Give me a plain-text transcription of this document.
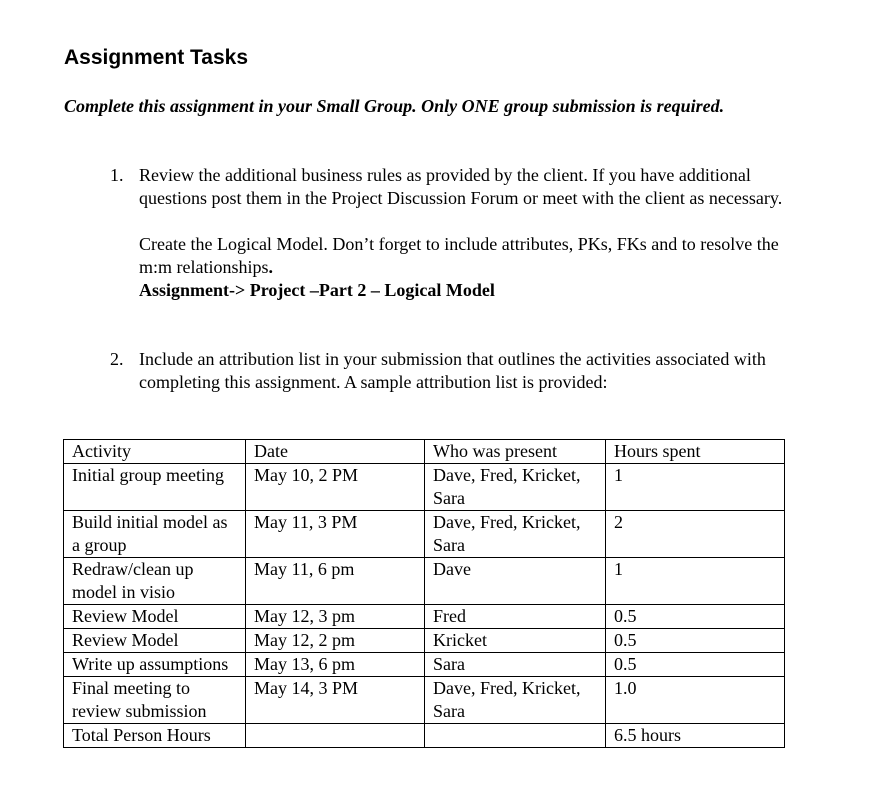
Assignment Tasks
Complete this assignment in your Small Group. Only ONE group submission is required.
1. Review the additional business rules as provided by the client. If you have additional questions post them in the Project Discussion Forum or meet with the client as necessary.

Create the Logical Model. Don’t forget to include attributes, PKs, FKs and to resolve the m:m relationships.
Assignment-> Project –Part 2 – Logical Model

2. Include an attribution list in your submission that outlines the activities associated with completing this assignment. A sample attribution list is provided:

Activity	Date	Who was present	Hours spent
Initial group meeting	May 10, 2 PM	Dave, Fred, Kricket, Sara	1
Build initial model as a group	May 11, 3 PM	Dave, Fred, Kricket, Sara	2
Redraw/clean up model in visio	May 11, 6 pm	Dave	1
Review Model	May 12, 3 pm	Fred	0.5
Review Model	May 12, 2 pm	Kricket	0.5
Write up assumptions	May 13, 6 pm	Sara	0.5
Final meeting to review submission	May 14, 3 PM	Dave, Fred, Kricket, Sara	1.0
Total Person Hours			6.5 hours
